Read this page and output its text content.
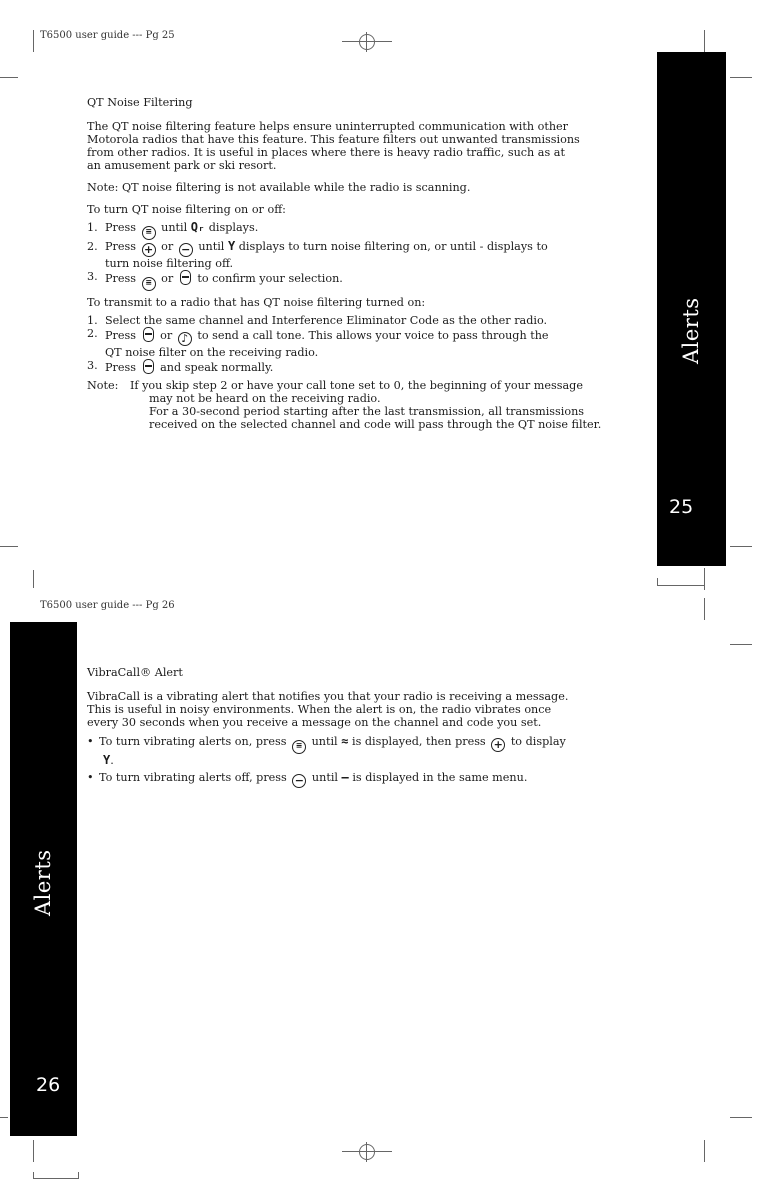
T6500 user guide --- Pg 25
Alerts
25

QT Noise Filtering

The QT noise filtering feature helps ensure uninterrupted communication with other
Motorola radios that have this feature. This feature filters out unwanted transmissions
from other radios. It is useful in places where there is heavy radio traffic, such as at
an amusement park or ski resort.

Note: QT noise filtering is not available while the radio is scanning.

To turn QT noise filtering on or off:

1. Press ≡ until Qᵣ displays.
2. Press + or − until Y displays to turn noise filtering on, or until - displays to
turn noise filtering off.
3. Press ≡ or to confirm your selection.

To transmit to a radio that has QT noise filtering turned on:

1. Select the same channel and Interference Eliminator Code as the other radio.
2. Press or ♪ to send a call tone. This allows your voice to pass through the
QT noise filter on the receiving radio.
3. Press and speak normally.
Note: If you skip step 2 or have your call tone set to 0, the beginning of your message
may not be heard on the receiving radio.
For a 30-second period starting after the last transmission, all transmissions
received on the selected channel and code will pass through the QT noise filter.
T6500 user guide --- Pg 26
Alerts
26

VibraCall® Alert

VibraCall is a vibrating alert that notifies you that your radio is receiving a message.
This is useful in noisy environments. When the alert is on, the radio vibrates once
every 30 seconds when you receive a message on the channel and code you set.
• To turn vibrating alerts on, press ≡ until ≈ is displayed, then press + to display
Y.
• To turn vibrating alerts off, press − until — is displayed in the same menu.
